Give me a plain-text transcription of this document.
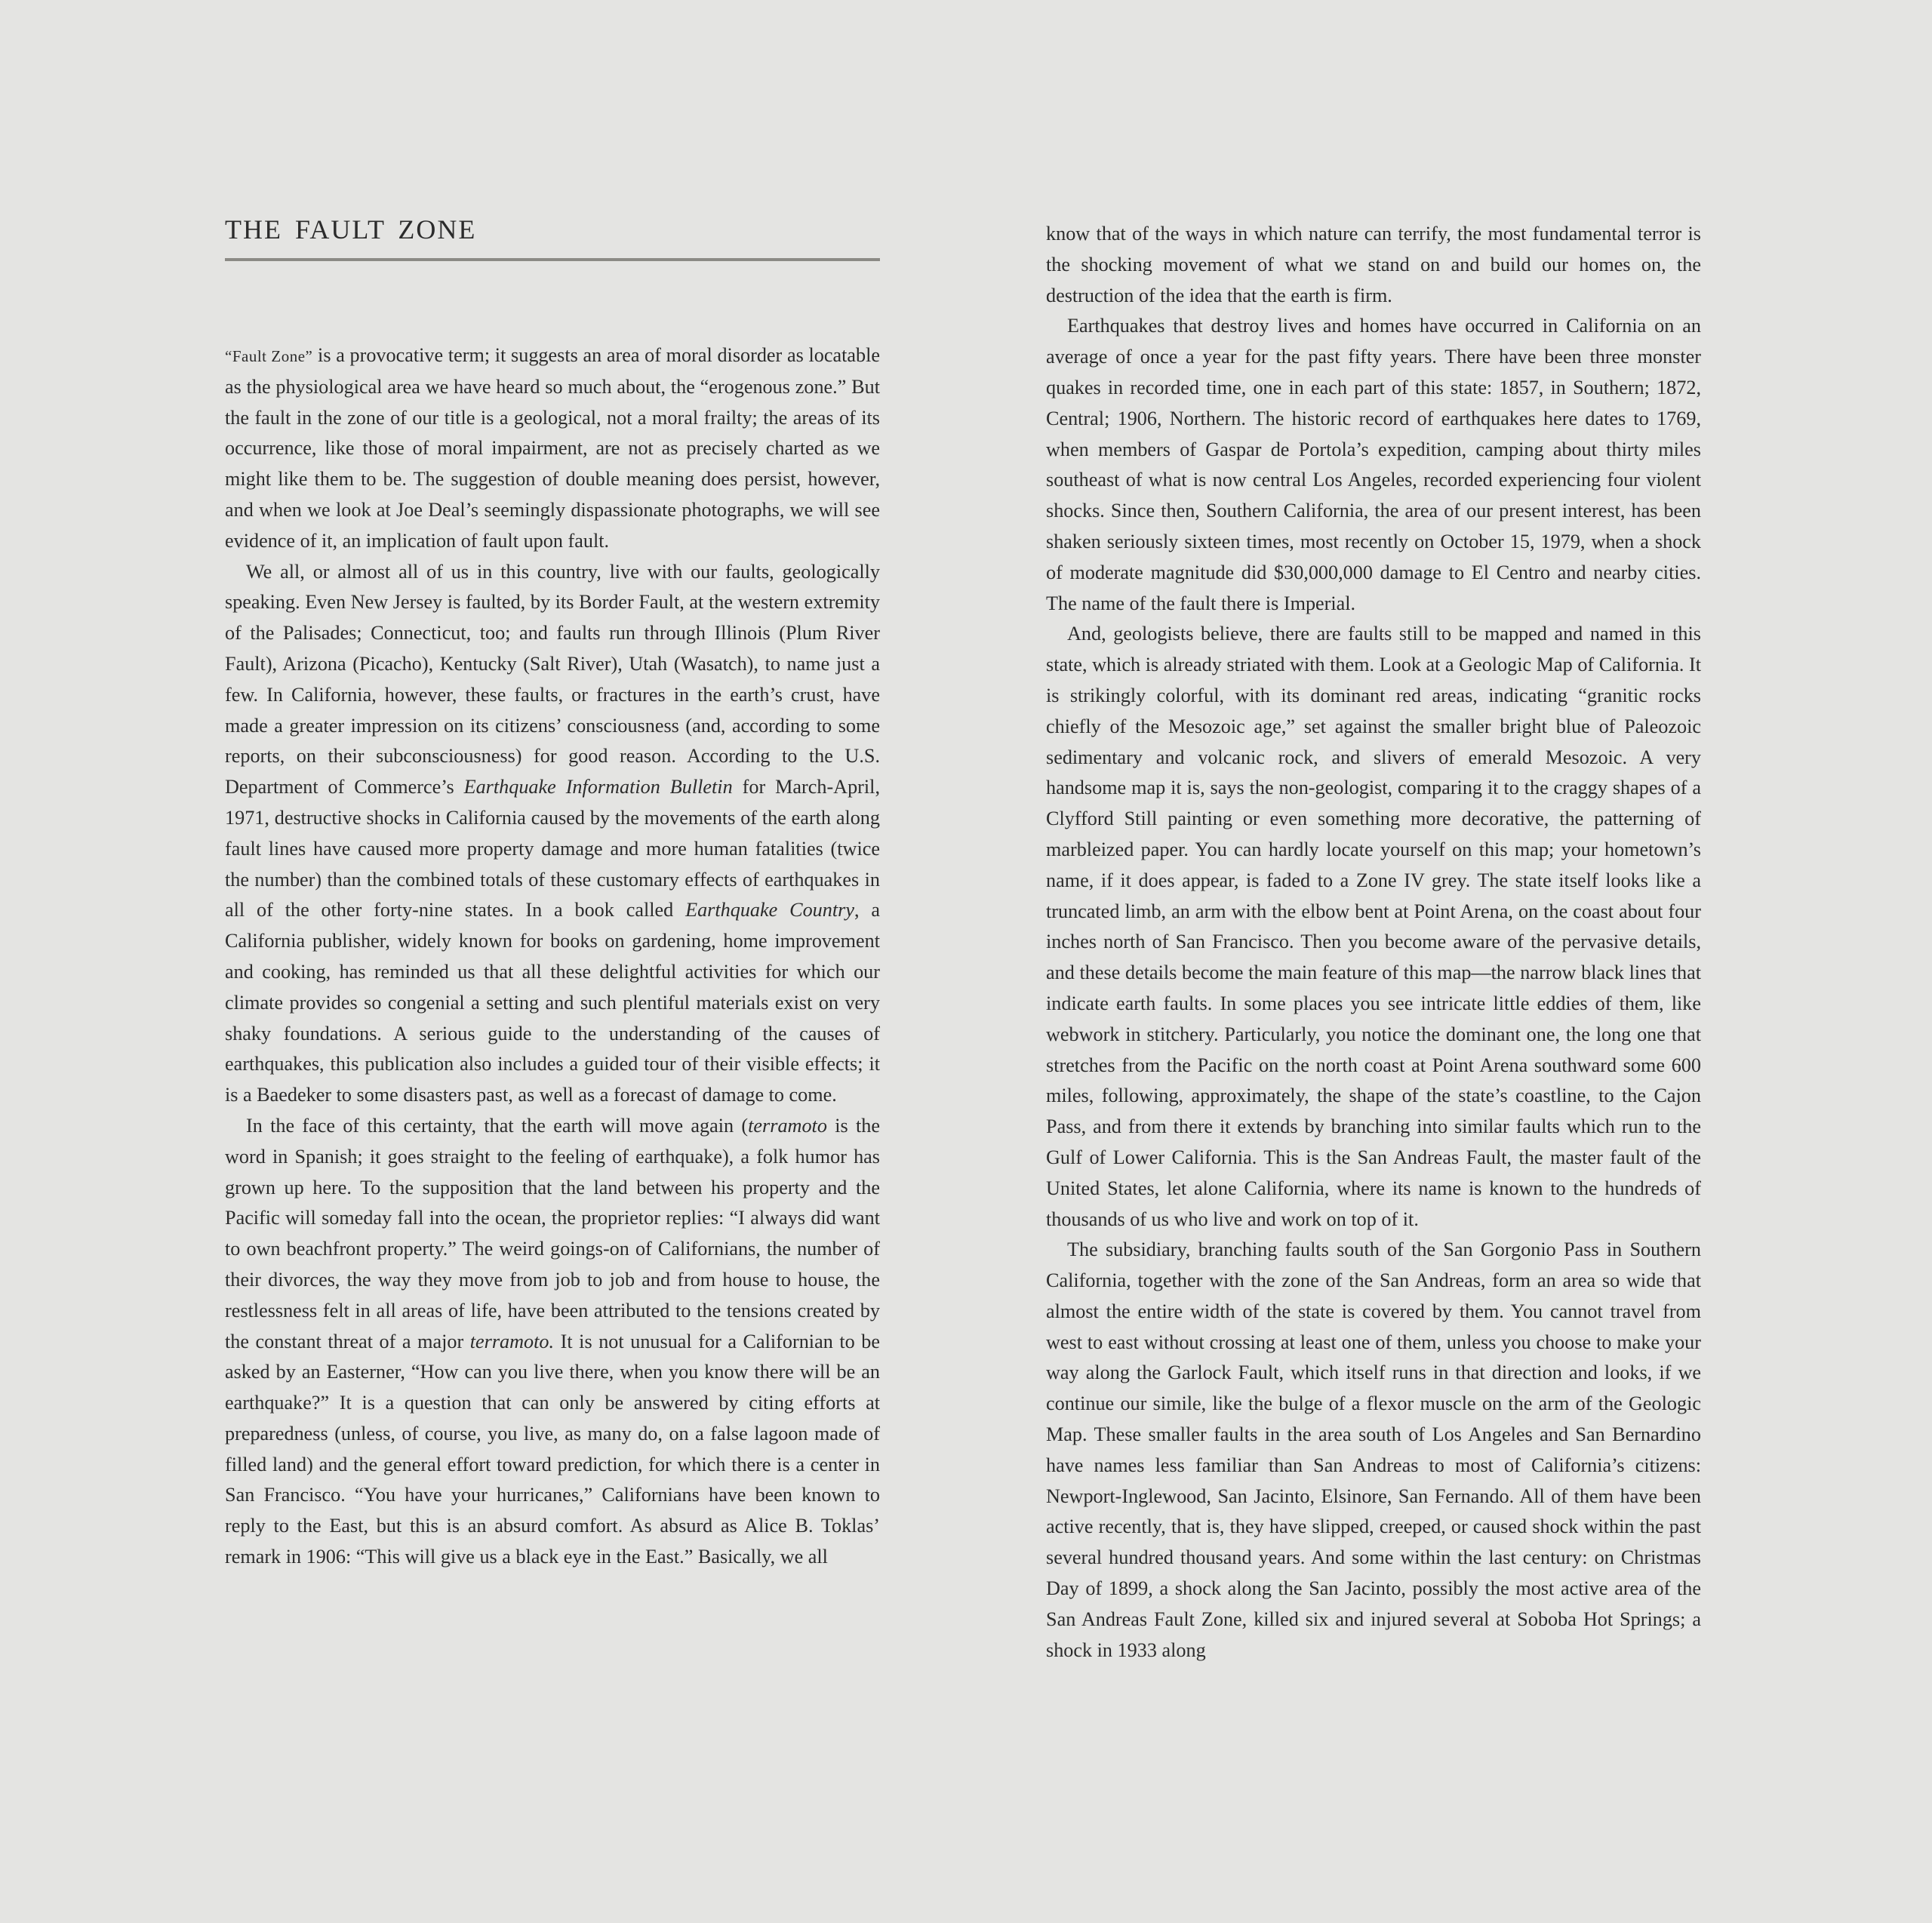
THE FAULT ZONE

“Fault Zone” is a provocative term; it suggests an area of moral disorder as locatable as the physiological area we have heard so much about, the “erogenous zone.” But the fault in the zone of our title is a geological, not a moral frailty; the areas of its occurrence, like those of moral impairment, are not as precisely charted as we might like them to be. The suggestion of double meaning does persist, however, and when we look at Joe Deal’s seemingly dispassionate photographs, we will see evidence of it, an implication of fault upon fault.

We all, or almost all of us in this country, live with our faults, geologically speaking. Even New Jersey is faulted, by its Border Fault, at the western extremity of the Palisades; Connecticut, too; and faults run through Illinois (Plum River Fault), Arizona (Picacho), Kentucky (Salt River), Utah (Wasatch), to name just a few. In California, however, these faults, or fractures in the earth’s crust, have made a greater impression on its citizens’ consciousness (and, according to some reports, on their subconsciousness) for good reason. According to the U.S. Department of Commerce’s Earthquake Information Bulletin for March-April, 1971, destructive shocks in California caused by the movements of the earth along fault lines have caused more property damage and more human fatalities (twice the number) than the combined totals of these customary effects of earthquakes in all of the other forty-nine states. In a book called Earthquake Country, a California publisher, widely known for books on gardening, home improvement and cooking, has reminded us that all these delightful activities for which our climate provides so congenial a setting and such plentiful materials exist on very shaky foundations. A serious guide to the understanding of the causes of earthquakes, this publication also includes a guided tour of their visible effects; it is a Baedeker to some disasters past, as well as a forecast of damage to come.

In the face of this certainty, that the earth will move again (terramoto is the word in Spanish; it goes straight to the feeling of earthquake), a folk humor has grown up here. To the supposition that the land between his property and the Pacific will someday fall into the ocean, the proprietor replies: “I always did want to own beachfront property.” The weird goings-on of Californians, the number of their divorces, the way they move from job to job and from house to house, the restlessness felt in all areas of life, have been attributed to the tensions created by the constant threat of a major terramoto. It is not unusual for a Californian to be asked by an Easterner, “How can you live there, when you know there will be an earthquake?” It is a question that can only be answered by citing efforts at preparedness (unless, of course, you live, as many do, on a false lagoon made of filled land) and the general effort toward prediction, for which there is a center in San Francisco. “You have your hurricanes,” Californians have been known to reply to the East, but this is an absurd comfort. As absurd as Alice B. Toklas’ remark in 1906: “This will give us a black eye in the East.” Basically, we all

know that of the ways in which nature can terrify, the most fundamental terror is the shocking movement of what we stand on and build our homes on, the destruction of the idea that the earth is firm.

Earthquakes that destroy lives and homes have occurred in California on an average of once a year for the past fifty years. There have been three monster quakes in recorded time, one in each part of this state: 1857, in Southern; 1872, Central; 1906, Northern. The historic record of earthquakes here dates to 1769, when members of Gaspar de Portola’s expedition, camping about thirty miles southeast of what is now central Los Angeles, recorded experiencing four violent shocks. Since then, Southern California, the area of our present interest, has been shaken seriously sixteen times, most recently on October 15, 1979, when a shock of moderate magnitude did $30,000,000 damage to El Centro and nearby cities. The name of the fault there is Imperial.

And, geologists believe, there are faults still to be mapped and named in this state, which is already striated with them. Look at a Geologic Map of California. It is strikingly colorful, with its dominant red areas, indicating “granitic rocks chiefly of the Mesozoic age,” set against the smaller bright blue of Paleozoic sedimentary and volcanic rock, and slivers of emerald Mesozoic. A very handsome map it is, says the non-geologist, comparing it to the craggy shapes of a Clyfford Still painting or even something more decorative, the patterning of marbleized paper. You can hardly locate yourself on this map; your hometown’s name, if it does appear, is faded to a Zone IV grey. The state itself looks like a truncated limb, an arm with the elbow bent at Point Arena, on the coast about four inches north of San Francisco. Then you become aware of the pervasive details, and these details become the main feature of this map—the narrow black lines that indicate earth faults. In some places you see intricate little eddies of them, like webwork in stitchery. Particularly, you notice the dominant one, the long one that stretches from the Pacific on the north coast at Point Arena southward some 600 miles, following, approximately, the shape of the state’s coastline, to the Cajon Pass, and from there it extends by branching into similar faults which run to the Gulf of Lower California. This is the San Andreas Fault, the master fault of the United States, let alone California, where its name is known to the hundreds of thousands of us who live and work on top of it.

The subsidiary, branching faults south of the San Gorgonio Pass in Southern California, together with the zone of the San Andreas, form an area so wide that almost the entire width of the state is covered by them. You cannot travel from west to east without crossing at least one of them, unless you choose to make your way along the Garlock Fault, which itself runs in that direction and looks, if we continue our simile, like the bulge of a flexor muscle on the arm of the Geologic Map. These smaller faults in the area south of Los Angeles and San Bernardino have names less familiar than San Andreas to most of California’s citizens: Newport-Inglewood, San Jacinto, Elsinore, San Fernando. All of them have been active recently, that is, they have slipped, creeped, or caused shock within the past several hundred thousand years. And some within the last century: on Christmas Day of 1899, a shock along the San Jacinto, possibly the most active area of the San Andreas Fault Zone, killed six and injured several at Soboba Hot Springs; a shock in 1933 along
